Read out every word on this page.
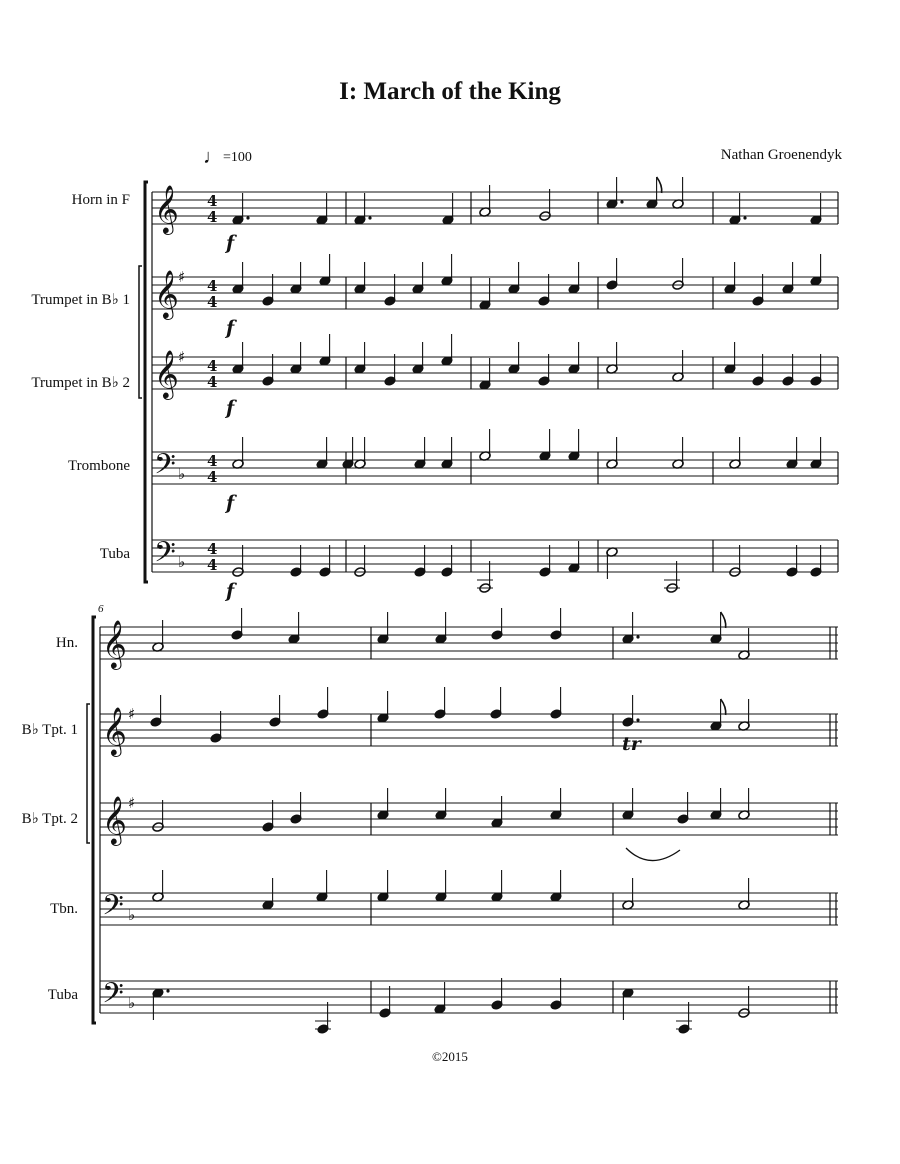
I: March of the King
Nathan Groenendyk
♩=100
Horn in F
Trumpet in B♭ 1
Trumpet in B♭ 2
Trombone
Tuba
Hn.
B♭ Tpt. 1
B♭ Tpt. 2
Tbn.
Tuba
𝄞 4
4
f
𝄞 ♯ 4
4
f
𝄞 ♯ 4
4
f
𝄢 ♭
4
4
f
𝄢 ♭
4
4
f
𝄞
𝄞 ♯
𝄞 ♯
𝄢 ♭
𝄢 ♭
6
tr
©2015
